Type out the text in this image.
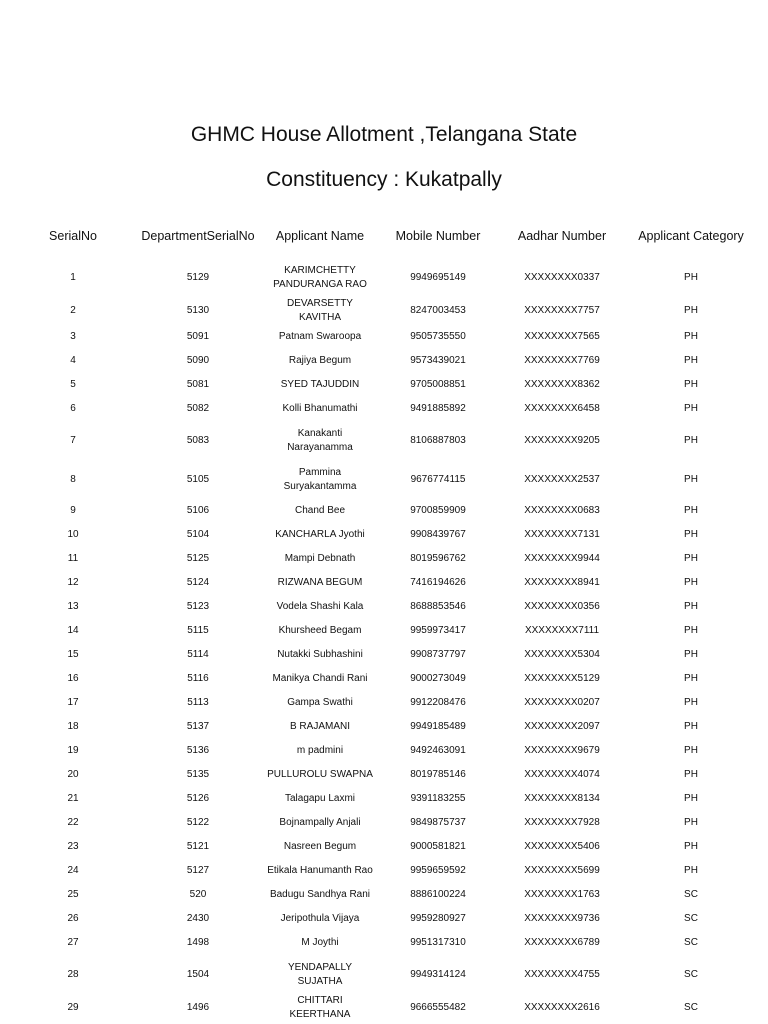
GHMC House Allotment ,Telangana State
Constituency : Kukatpally
SerialNo	DepartmentSerialNo	Applicant Name	Mobile Number	Aadhar Number	Applicant Category
1	5129	KARIMCHETTY PANDURANGA RAO	9949695149	XXXXXXXX0337	PH
2	5130	DEVARSETTY KAVITHA	8247003453	XXXXXXXX7757	PH
3	5091	Patnam Swaroopa	9505735550	XXXXXXXX7565	PH
4	5090	Rajiya Begum	9573439021	XXXXXXXX7769	PH
5	5081	SYED TAJUDDIN	9705008851	XXXXXXXX8362	PH
6	5082	Kolli Bhanumathi	9491885892	XXXXXXXX6458	PH
7	5083	Kanakanti Narayanamma	8106887803	XXXXXXXX9205	PH
8	5105	Pammina Suryakantamma	9676774115	XXXXXXXX2537	PH
9	5106	Chand Bee	9700859909	XXXXXXXX0683	PH
10	5104	KANCHARLA Jyothi	9908439767	XXXXXXXX7131	PH
11	5125	Mampi Debnath	8019596762	XXXXXXXX9944	PH
12	5124	RIZWANA BEGUM	7416194626	XXXXXXXX8941	PH
13	5123	Vodela Shashi Kala	8688853546	XXXXXXXX0356	PH
14	5115	Khursheed Begam	9959973417	XXXXXXXX7111	PH
15	5114	Nutakki Subhashini	9908737797	XXXXXXXX5304	PH
16	5116	Manikya Chandi Rani	9000273049	XXXXXXXX5129	PH
17	5113	Gampa Swathi	9912208476	XXXXXXXX0207	PH
18	5137	B RAJAMANI	9949185489	XXXXXXXX2097	PH
19	5136	m padmini	9492463091	XXXXXXXX9679	PH
20	5135	PULLUROLU SWAPNA	8019785146	XXXXXXXX4074	PH
21	5126	Talagapu Laxmi	9391183255	XXXXXXXX8134	PH
22	5122	Bojnampally Anjali	9849875737	XXXXXXXX7928	PH
23	5121	Nasreen Begum	9000581821	XXXXXXXX5406	PH
24	5127	Etikala Hanumanth Rao	9959659592	XXXXXXXX5699	PH
25	520	Badugu Sandhya Rani	8886100224	XXXXXXXX1763	SC
26	2430	Jeripothula Vijaya	9959280927	XXXXXXXX9736	SC
27	1498	M Joythi	9951317310	XXXXXXXX6789	SC
28	1504	YENDAPALLY SUJATHA	9949314124	XXXXXXXX4755	SC
29	1496	CHITTARI KEERTHANA	9666555482	XXXXXXXX2616	SC
